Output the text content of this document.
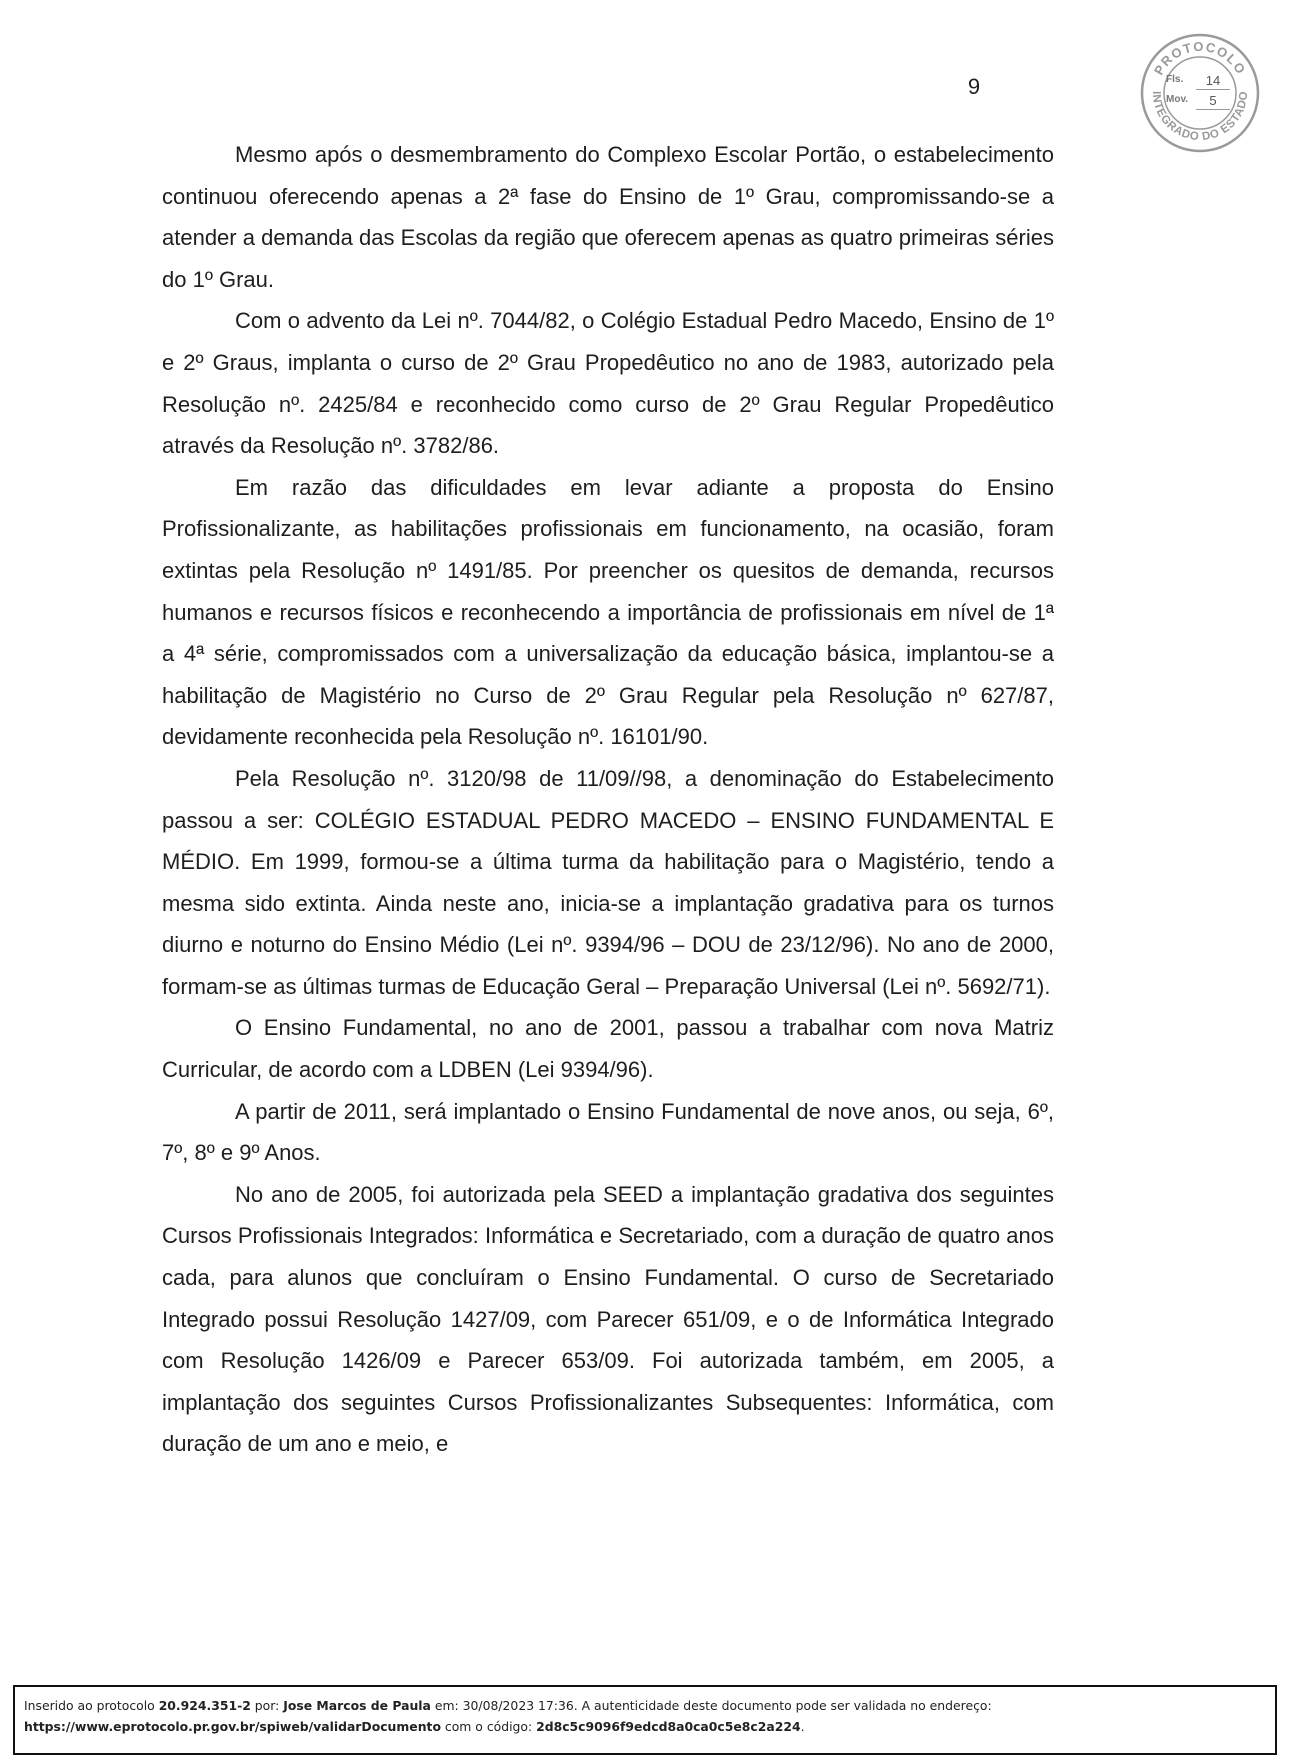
9
PROTOCOLO
INTEGRADO DO ESTADO
Fls.	14
Mov.	5

Mesmo após o desmembramento do Complexo Escolar Portão, o estabelecimento continuou oferecendo apenas a 2ª fase do Ensino de 1º Grau, compromissando-se a atender a demanda das Escolas da região que oferecem apenas as quatro primeiras séries do 1º Grau.

Com o advento da Lei nº. 7044/82, o Colégio Estadual Pedro Macedo, Ensino de 1º e 2º Graus, implanta o curso de 2º Grau Propedêutico no ano de 1983, autorizado pela Resolução nº. 2425/84 e reconhecido como curso de 2º Grau Regular Propedêutico através da Resolução nº. 3782/86.

Em razão das dificuldades em levar adiante a proposta do Ensino Profissionalizante, as habilitações profissionais em funcionamento, na ocasião, foram extintas pela Resolução nº 1491/85. Por preencher os quesitos de demanda, recursos humanos e recursos físicos e reconhecendo a importância de profissionais em nível de 1ª a 4ª série, compromissados com a universalização da educação básica, implantou-se a habilitação de Magistério no Curso de 2º Grau Regular pela Resolução nº 627/87, devidamente reconhecida pela Resolução nº. 16101/90.

Pela Resolução nº. 3120/98 de 11/09//98, a denominação do Estabelecimento passou a ser: COLÉGIO ESTADUAL PEDRO MACEDO – ENSINO FUNDAMENTAL E MÉDIO. Em 1999, formou-se a última turma da habilitação para o Magistério, tendo a mesma sido extinta. Ainda neste ano, inicia-se a implantação gradativa para os turnos diurno e noturno do Ensino Médio (Lei nº. 9394/96 – DOU de 23/12/96). No ano de 2000, formam-se as últimas turmas de Educação Geral – Preparação Universal (Lei nº. 5692/71).

O Ensino Fundamental, no ano de 2001, passou a trabalhar com nova Matriz Curricular, de acordo com a LDBEN (Lei 9394/96).

A partir de 2011, será implantado o Ensino Fundamental de nove anos, ou seja, 6º, 7º, 8º e 9º Anos.

No ano de 2005, foi autorizada pela SEED a implantação gradativa dos seguintes Cursos Profissionais Integrados: Informática e Secretariado, com a duração de quatro anos cada, para alunos que concluíram o Ensino Fundamental. O curso de Secretariado Integrado possui Resolução 1427/09, com Parecer 651/09, e o de Informática Integrado com Resolução 1426/09 e Parecer 653/09. Foi autorizada também, em 2005, a implantação dos seguintes Cursos Profissionalizantes Subsequentes: Informática, com duração de um ano e meio, e

Inserido ao protocolo 20.924.351-2 por: Jose Marcos de Paula em: 30/08/2023 17:36. A autenticidade deste documento pode ser validada no endereço:
https://www.eprotocolo.pr.gov.br/spiweb/validarDocumento com o código: 2d8c5c9096f9edcd8a0ca0c5e8c2a224.
